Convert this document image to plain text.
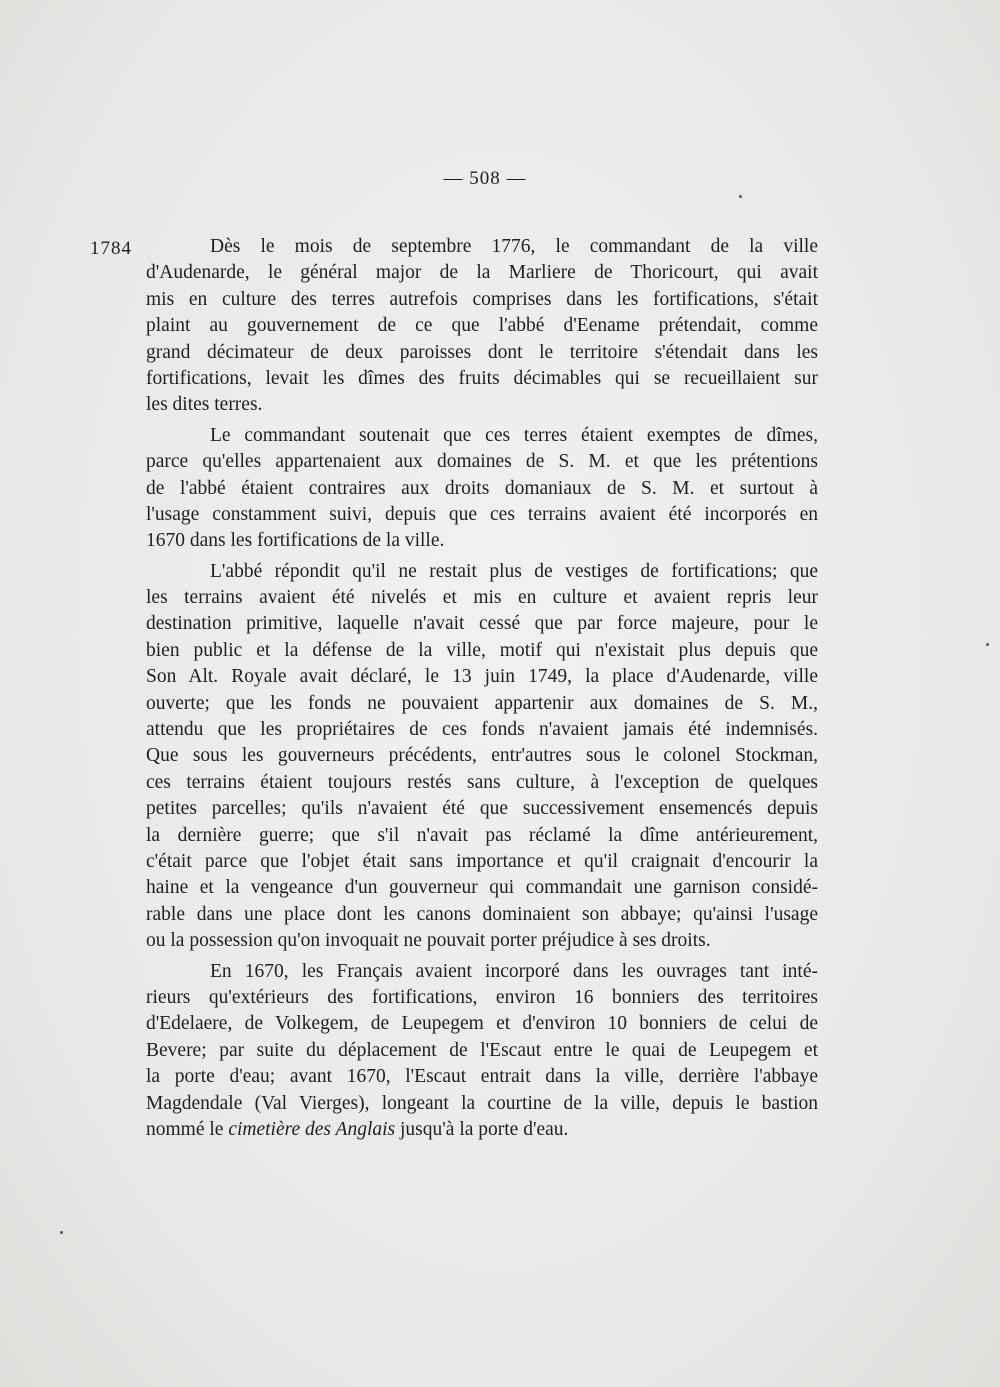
— 508 —
1784	Dès le mois de septembre 1776, le commandant de la ville
d'Audenarde, le général major de la Marliere de Thoricourt, qui avait
mis en culture des terres autrefois comprises dans les fortifications, s'était
plaint au gouvernement de ce que l'abbé d'Eename prétendait, comme
grand décimateur de deux paroisses dont le territoire s'étendait dans les
fortifications, levait les dîmes des fruits décimables qui se recueillaient sur
les dites terres.
Le commandant soutenait que ces terres étaient exemptes de dîmes,
parce qu'elles appartenaient aux domaines de S. M. et que les prétentions
de l'abbé étaient contraires aux droits domaniaux de S. M. et surtout à
l'usage constamment suivi, depuis que ces terrains avaient été incorporés en
1670 dans les fortifications de la ville.
L'abbé répondit qu'il ne restait plus de vestiges de fortifications; que
les terrains avaient été nivelés et mis en culture et avaient repris leur
destination primitive, laquelle n'avait cessé que par force majeure, pour le
bien public et la défense de la ville, motif qui n'existait plus depuis que
Son Alt. Royale avait déclaré, le 13 juin 1749, la place d'Audenarde, ville
ouverte; que les fonds ne pouvaient appartenir aux domaines de S. M.,
attendu que les propriétaires de ces fonds n'avaient jamais été indemnisés.
Que sous les gouverneurs précédents, entr'autres sous le colonel Stockman,
ces terrains étaient toujours restés sans culture, à l'exception de quelques
petites parcelles; qu'ils n'avaient été que successivement ensemencés depuis
la dernière guerre; que s'il n'avait pas réclamé la dîme antérieurement,
c'était parce que l'objet était sans importance et qu'il craignait d'encourir la
haine et la vengeance d'un gouverneur qui commandait une garnison considé-
rable dans une place dont les canons dominaient son abbaye; qu'ainsi l'usage
ou la possession qu'on invoquait ne pouvait porter préjudice à ses droits.
En 1670, les Français avaient incorporé dans les ouvrages tant inté-
rieurs qu'extérieurs des fortifications, environ 16 bonniers des territoires
d'Edelaere, de Volkegem, de Leupegem et d'environ 10 bonniers de celui de
Bevere; par suite du déplacement de l'Escaut entre le quai de Leupegem et
la porte d'eau; avant 1670, l'Escaut entrait dans la ville, derrière l'abbaye
Magdendale (Val Vierges), longeant la courtine de la ville, depuis le bastion
nommé le cimetière des Anglais jusqu'à la porte d'eau.
